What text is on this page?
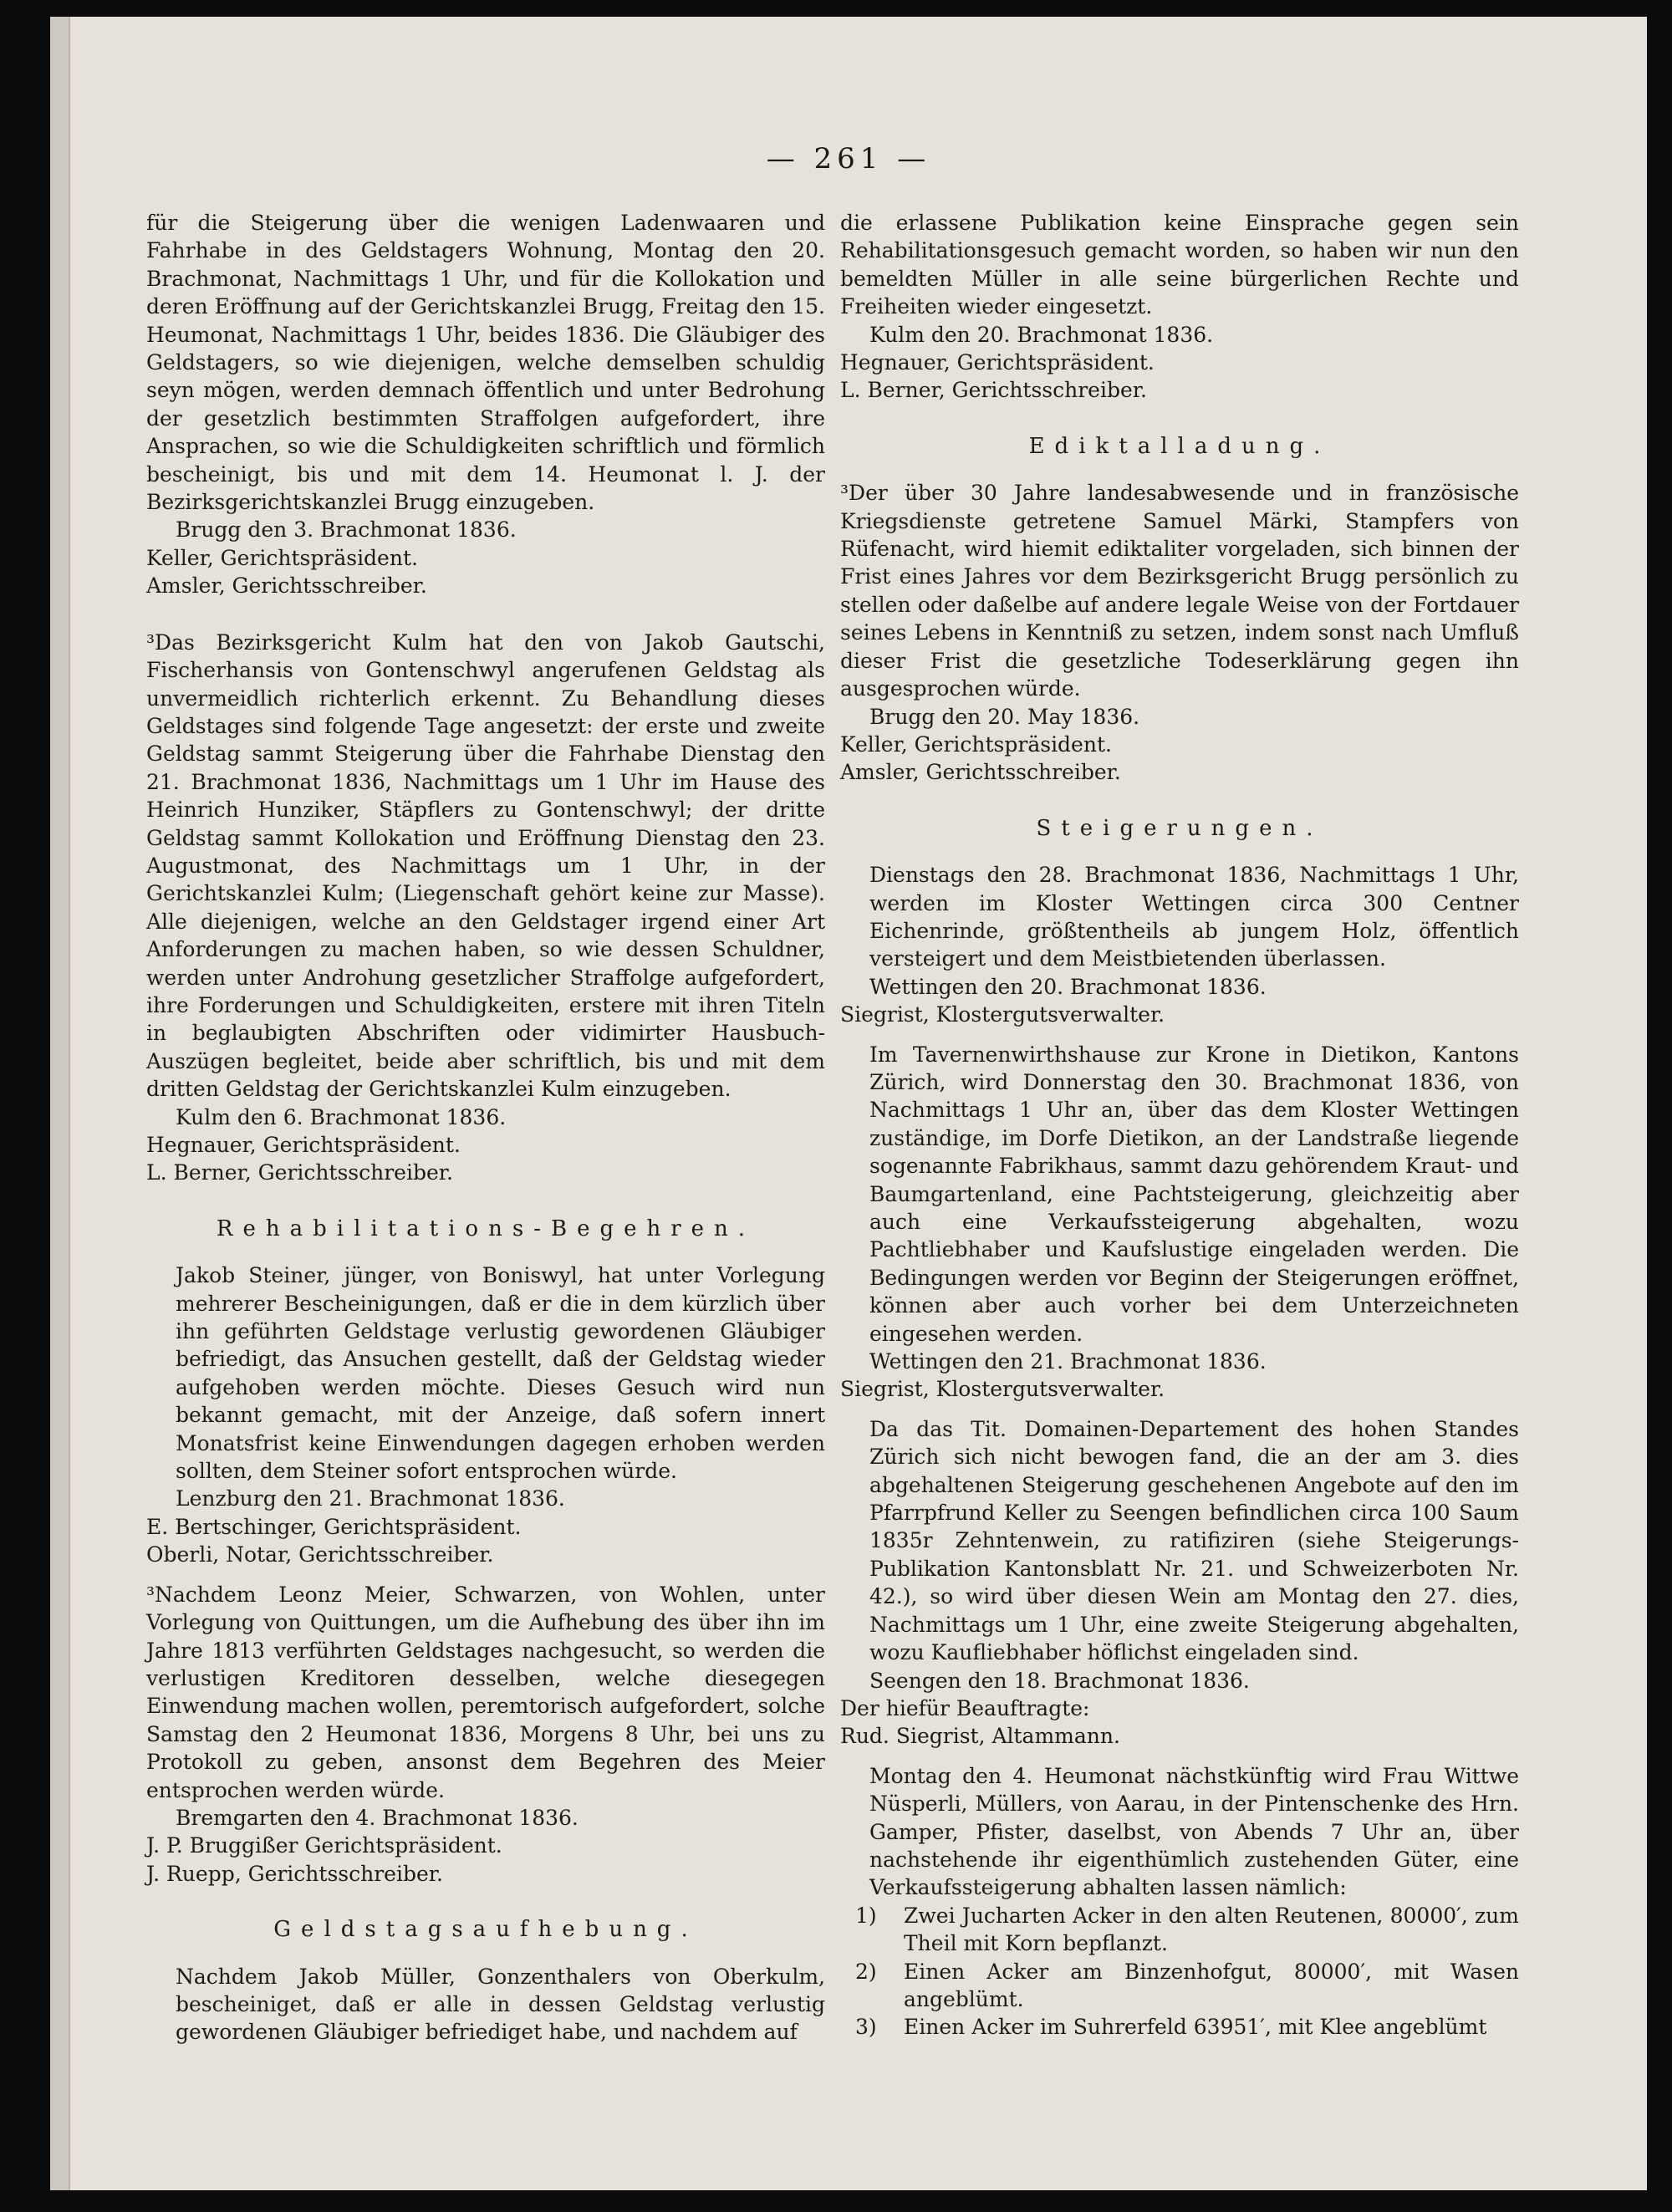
— 261 —

für die Steigerung über die wenigen Ladenwaaren und Fahrhabe in des Geldstagers Wohnung, Montag den 20. Brachmonat, Nachmittags 1 Uhr, und für die Kollokation und deren Eröffnung auf der Gerichtskanzlei Brugg, Freitag den 15. Heumonat, Nachmittags 1 Uhr, beides 1836. Die Gläubiger des Geldstagers, so wie diejenigen, welche demselben schuldig seyn mögen, werden demnach öffentlich und unter Bedrohung der gesetzlich bestimmten Straffolgen aufgefordert, ihre Ansprachen, so wie die Schuldigkeiten schriftlich und förmlich bescheinigt, bis und mit dem 14. Heumonat l. J. der Bezirksgerichtskanzlei Brugg einzugeben.

Brugg den 3. Brachmonat 1836.

Keller, Gerichtspräsident.

Amsler, Gerichtsschreiber.

³Das Bezirksgericht Kulm hat den von Jakob Gautschi, Fischerhansis von Gontenschwyl angerufenen Geldstag als unvermeidlich richterlich erkennt. Zu Behandlung dieses Geldstages sind folgende Tage angesetzt: der erste und zweite Geldstag sammt Steigerung über die Fahrhabe Dienstag den 21. Brachmonat 1836, Nachmittags um 1 Uhr im Hause des Heinrich Hunziker, Stäpflers zu Gontenschwyl; der dritte Geldstag sammt Kollokation und Eröffnung Dienstag den 23. Augustmonat, des Nachmittags um 1 Uhr, in der Gerichtskanzlei Kulm; (Liegenschaft gehört keine zur Masse). Alle diejenigen, welche an den Geldstager irgend einer Art Anforderungen zu machen haben, so wie dessen Schuldner, werden unter Androhung gesetzlicher Straffolge aufgefordert, ihre Forderungen und Schuldigkeiten, erstere mit ihren Titeln in beglaubigten Abschriften oder vidimirter Hausbuch-Auszügen begleitet, beide aber schriftlich, bis und mit dem dritten Geldstag der Gerichtskanzlei Kulm einzugeben.

Kulm den 6. Brachmonat 1836.

Hegnauer, Gerichtspräsident.

L. Berner, Gerichtsschreiber.

Rehabilitations-Begehren.

Jakob Steiner, jünger, von Boniswyl, hat unter Vorlegung mehrerer Bescheinigungen, daß er die in dem kürzlich über ihn geführten Geldstage verlustig gewordenen Gläubiger befriedigt, das Ansuchen gestellt, daß der Geldstag wieder aufgehoben werden möchte. Dieses Gesuch wird nun bekannt gemacht, mit der Anzeige, daß sofern innert Monatsfrist keine Einwendungen dagegen erhoben werden sollten, dem Steiner sofort entsprochen würde.

Lenzburg den 21. Brachmonat 1836.

E. Bertschinger, Gerichtspräsident.

Oberli, Notar, Gerichtsschreiber.

³Nachdem Leonz Meier, Schwarzen, von Wohlen, unter Vorlegung von Quittungen, um die Aufhebung des über ihn im Jahre 1813 verführten Geldstages nachgesucht, so werden die verlustigen Kreditoren desselben, welche diesegegen Einwendung machen wollen, peremtorisch aufgefordert, solche Samstag den 2 Heumonat 1836, Morgens 8 Uhr, bei uns zu Protokoll zu geben, ansonst dem Begehren des Meier entsprochen werden würde.

Bremgarten den 4. Brachmonat 1836.

J. P. Bruggißer Gerichtspräsident.

J. Ruepp, Gerichtsschreiber.

Geldstagsaufhebung.

Nachdem Jakob Müller, Gonzenthalers von Oberkulm, bescheiniget, daß er alle in dessen Geldstag verlustig gewordenen Gläubiger befriediget habe, und nachdem auf

die erlassene Publikation keine Einsprache gegen sein Rehabilitationsgesuch gemacht worden, so haben wir nun den bemeldten Müller in alle seine bürgerlichen Rechte und Freiheiten wieder eingesetzt.

Kulm den 20. Brachmonat 1836.

Hegnauer, Gerichtspräsident.

L. Berner, Gerichtsschreiber.

Ediktalladung.

³Der über 30 Jahre landesabwesende und in französische Kriegsdienste getretene Samuel Märki, Stampfers von Rüfenacht, wird hiemit ediktaliter vorgeladen, sich binnen der Frist eines Jahres vor dem Bezirksgericht Brugg persönlich zu stellen oder daßelbe auf andere legale Weise von der Fortdauer seines Lebens in Kenntniß zu setzen, indem sonst nach Umfluß dieser Frist die gesetzliche Todeserklärung gegen ihn ausgesprochen würde.

Brugg den 20. May 1836.

Keller, Gerichtspräsident.

Amsler, Gerichtsschreiber.

Steigerungen.

Dienstags den 28. Brachmonat 1836, Nachmittags 1 Uhr, werden im Kloster Wettingen circa 300 Centner Eichenrinde, größtentheils ab jungem Holz, öffentlich versteigert und dem Meistbietenden überlassen.

Wettingen den 20. Brachmonat 1836.

Siegrist, Klostergutsverwalter.

Im Tavernenwirthshause zur Krone in Dietikon, Kantons Zürich, wird Donnerstag den 30. Brachmonat 1836, von Nachmittags 1 Uhr an, über das dem Kloster Wettingen zuständige, im Dorfe Dietikon, an der Landstraße liegende sogenannte Fabrikhaus, sammt dazu gehörendem Kraut- und Baumgartenland, eine Pachtsteigerung, gleichzeitig aber auch eine Verkaufssteigerung abgehalten, wozu Pachtliebhaber und Kaufslustige eingeladen werden. Die Bedingungen werden vor Beginn der Steigerungen eröffnet, können aber auch vorher bei dem Unterzeichneten eingesehen werden.

Wettingen den 21. Brachmonat 1836.

Siegrist, Klostergutsverwalter.

Da das Tit. Domainen-Departement des hohen Standes Zürich sich nicht bewogen fand, die an der am 3. dies abgehaltenen Steigerung geschehenen Angebote auf den im Pfarrpfrund Keller zu Seengen befindlichen circa 100 Saum 1835r Zehntenwein, zu ratifiziren (siehe Steigerungs-Publikation Kantonsblatt Nr. 21. und Schweizerboten Nr. 42.), so wird über diesen Wein am Montag den 27. dies, Nachmittags um 1 Uhr, eine zweite Steigerung abgehalten, wozu Kaufliebhaber höflichst eingeladen sind.

Seengen den 18. Brachmonat 1836.

Der hiefür Beauftragte:

Rud. Siegrist, Altammann.

Montag den 4. Heumonat nächstkünftig wird Frau Wittwe Nüsperli, Müllers, von Aarau, in der Pintenschenke des Hrn. Gamper, Pfister, daselbst, von Abends 7 Uhr an, über nachstehende ihr eigenthümlich zustehenden Güter, eine Verkaufssteigerung abhalten lassen nämlich:

1)	Zwei Jucharten Acker in den alten Reutenen, 80000′, zum Theil mit Korn bepflanzt.
2)	Einen Acker am Binzenhofgut, 80000′, mit Wasen angeblümt.
3)	Einen Acker im Suhrerfeld 63951′, mit Klee angeblümt
